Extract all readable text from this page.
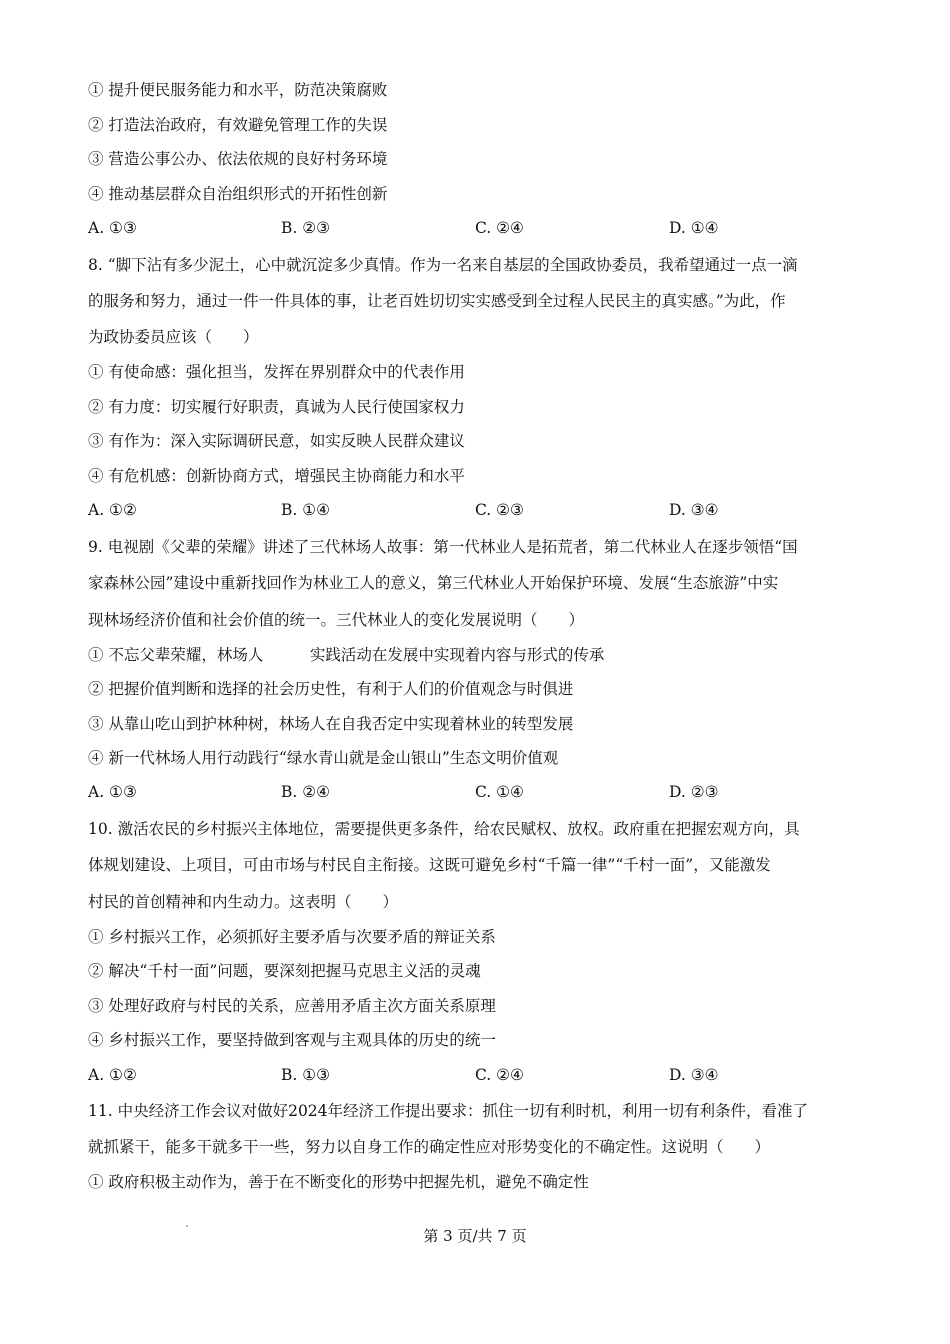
① 提升便民服务能力和水平，防范决策腐败
② 打造法治政府，有效避免管理工作的失误
③ 营造公事公办、依法依规的良好村务环境
④ 推动基层群众自治组织形式的开拓性创新
A. ①③	B. ②③	C. ②④	D. ①④
8. “脚下沾有多少泥土，心中就沉淀多少真情。作为一名来自基层的全国政协委员，我希望通过一点一滴
的服务和努力，通过一件一件具体的事，让老百姓切切实实感受到全过程人民民主的真实感。”为此，作
为政协委员应该（　　）
① 有使命感：强化担当，发挥在界别群众中的代表作用
② 有力度：切实履行好职责，真诚为人民行使国家权力
③ 有作为：深入实际调研民意，如实反映人民群众建议
④ 有危机感：创新协商方式，增强民主协商能力和水平
A. ①②	B. ①④	C. ②③	D. ③④
9. 电视剧《父辈的荣耀》讲述了三代林场人故事：第一代林业人是拓荒者，第二代林业人在逐步领悟“国
家森林公园”建设中重新找回作为林业工人的意义，第三代林业人开始保护环境、发展“生态旅游”中实
现林场经济价值和社会价值的统一。三代林业人的变化发展说明（　　）
① 不忘父辈荣耀，林场人　　　实践活动在发展中实现着内容与形式的传承
② 把握价值判断和选择的社会历史性，有利于人们的价值观念与时俱进
③ 从靠山吃山到护林种树，林场人在自我否定中实现着林业的转型发展
④ 新一代林场人用行动践行“绿水青山就是金山银山”生态文明价值观
A. ①③	B. ②④	C. ①④	D. ②③
10. 激活农民的乡村振兴主体地位，需要提供更多条件，给农民赋权、放权。政府重在把握宏观方向，具
体规划建设、上项目，可由市场与村民自主衔接。这既可避免乡村“千篇一律”“千村一面”，又能激发
村民的首创精神和内生动力。这表明（　　）
① 乡村振兴工作，必须抓好主要矛盾与次要矛盾的辩证关系
② 解决“千村一面”问题，要深刻把握马克思主义活的灵魂
③ 处理好政府与村民的关系，应善用矛盾主次方面关系原理
④ 乡村振兴工作，要坚持做到客观与主观具体的历史的统一
A. ①②	B. ①③	C. ②④	D. ③④
11. 中央经济工作会议对做好2024年经济工作提出要求：抓住一切有利时机，利用一切有利条件，看准了
就抓紧干，能多干就多干一些，努力以自身工作的确定性应对形势变化的不确定性。这说明（　　）
① 政府积极主动作为，善于在不断变化的形势中把握先机，避免不确定性
第 3 页/共 7 页
